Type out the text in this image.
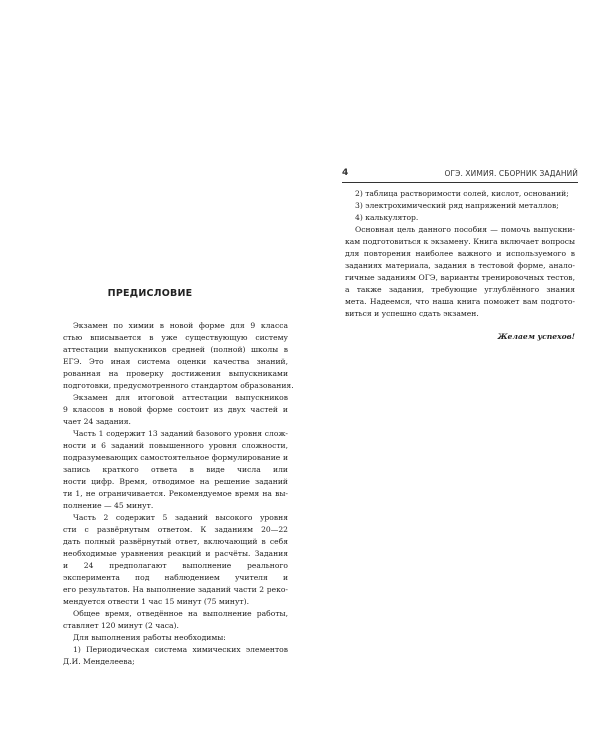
ПРЕДИСЛОВИЕ
Экзамен по химии в новой форме для 9 класса
стью вписывается в уже существующую систему
аттестации выпускников средней (полной) школы в
ЕГЭ. Это иная система оценки качества знаний,
рованная на проверку достижения выпускниками
подготовки, предусмотренного стандартом образования.
Экзамен для итоговой аттестации выпускников
9 классов в новой форме состоит из двух частей и
чает 24 задания.
Часть 1 содержит 13 заданий базового уровня слож-
ности и 6 заданий повышенного уровня сложности,
подразумевающих самостоятельное формулирование и
запись краткого ответа в виде числа или
ности цифр. Время, отводимое на решение заданий
ти 1, не ограничивается. Рекомендуемое время на вы-
полнение — 45 минут.
Часть 2 содержит 5 заданий высокого уровня
сти с развёрнутым ответом. К заданиям 20—22
дать полный развёрнутый ответ, включающий в себя
необходимые уравнения реакций и расчёты. Задания
и 24 предполагают выполнение реального
эксперимента под наблюдением учителя и
его результатов. На выполнение заданий части 2 реко-
мендуется отвести 1 час 15 минут (75 минут).
Общее время, отведённое на выполнение работы,
ставляет 120 минут (2 часа).
Для выполнения работы необходимы:
1) Периодическая система химических элементов
Д.И. Менделеева;
4	ОГЭ. ХИМИЯ. СБОРНИК ЗАДАНИЙ
2) таблица растворимости солей, кислот, оснований;
3) электрохимический ряд напряжений металлов;
4) калькулятор.
Основная цель данного пособия — помочь выпускни-
кам подготовиться к экзамену. Книга включает вопросы
для повторения наиболее важного и используемого в
заданиях материала, задания в тестовой форме, анало-
гичные заданиям ОГЭ, варианты тренировочных тестов,
а также задания, требующие углублённого знания
мета. Надеемся, что наша книга поможет вам подгото-
виться и успешно сдать экзамен.
Желаем успехов!
